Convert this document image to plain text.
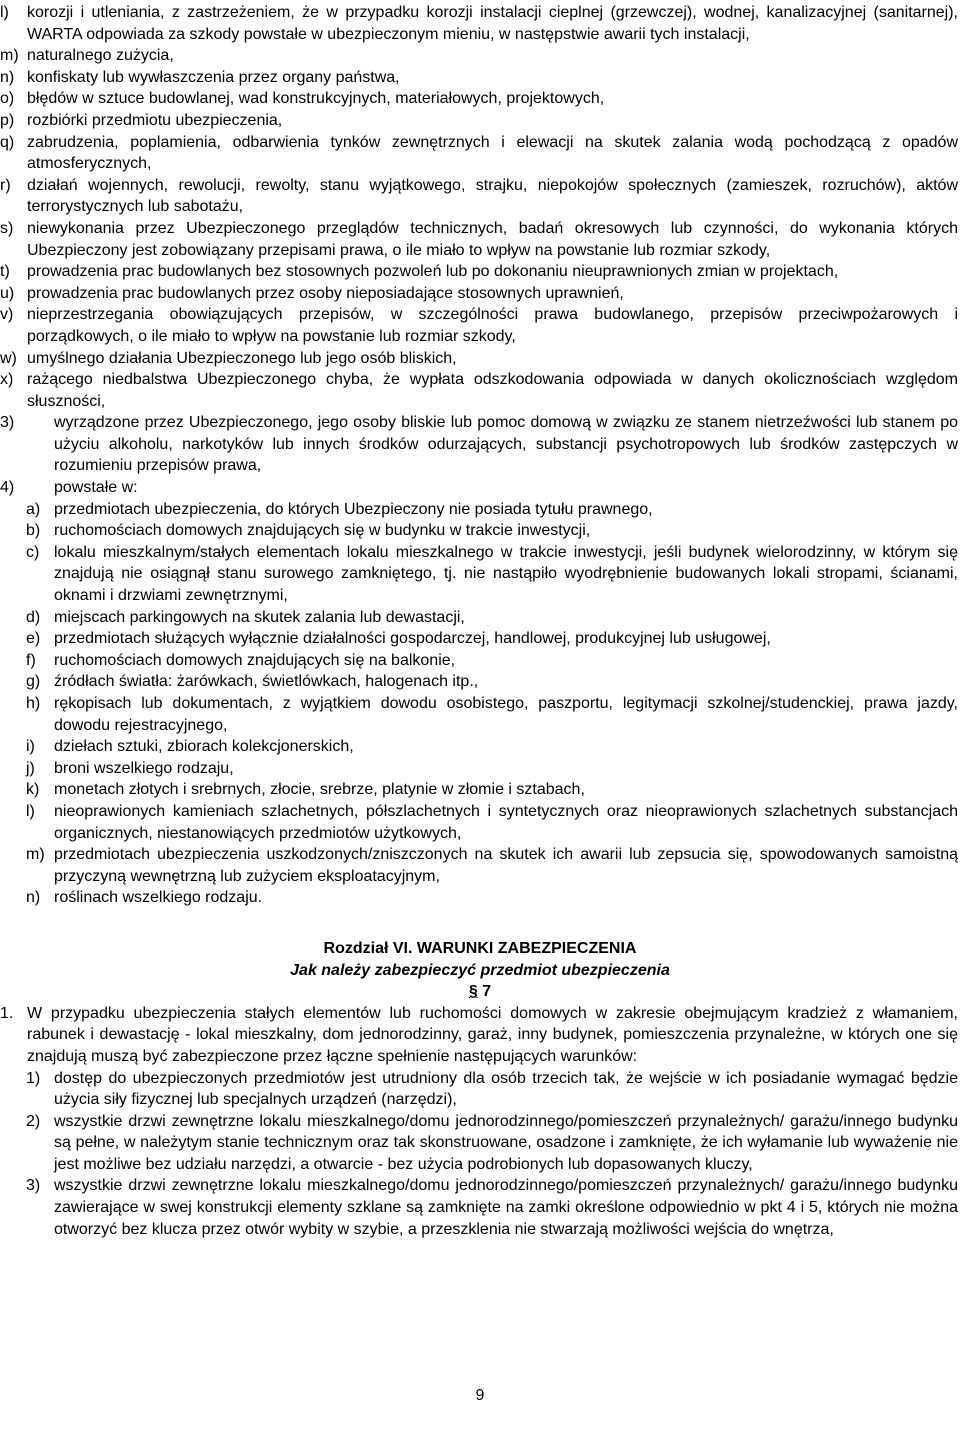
l) korozji i utleniania, z zastrzeżeniem, że w przypadku korozji instalacji cieplnej (grzewczej), wodnej, kanalizacyjnej (sanitarnej), WARTA odpowiada za szkody powstałe w ubezpieczonym mieniu, w następstwie awarii tych instalacji,
m) naturalnego zużycia,
n) konfiskaty lub wywłaszczenia przez organy państwa,
o) błędów w sztuce budowlanej, wad konstrukcyjnych, materiałowych, projektowych,
p) rozbiórki przedmiotu ubezpieczenia,
q) zabrudzenia, poplamienia, odbarwienia tynków zewnętrznych i elewacji na skutek zalania wodą pochodzącą z opadów atmosferycznych,
r) działań wojennych, rewolucji, rewolty, stanu wyjątkowego, strajku, niepokojów społecznych (zamieszek, rozruchów), aktów terrorystycznych lub sabotażu,
s) niewykonania przez Ubezpieczonego przeglądów technicznych, badań okresowych lub czynności, do wykonania których Ubezpieczony jest zobowiązany przepisami prawa, o ile miało to wpływ na powstanie lub rozmiar szkody,
t) prowadzenia prac budowlanych bez stosownych pozwoleń lub po dokonaniu nieuprawnionych zmian w projektach,
u) prowadzenia prac budowlanych przez osoby nieposiadające stosownych uprawnień,
v) nieprzestrzegania obowiązujących przepisów, w szczególności prawa budowlanego, przepisów przeciwpożarowych i porządkowych, o ile miało to wpływ na powstanie lub rozmiar szkody,
w) umyślnego działania Ubezpieczonego lub jego osób bliskich,
x) rażącego niedbalstwa Ubezpieczonego chyba, że wypłata odszkodowania odpowiada w danych okolicznościach względom słuszności,
3) wyrządzone przez Ubezpieczonego, jego osoby bliskie lub pomoc domową w związku ze stanem nietrzeźwości lub stanem po użyciu alkoholu, narkotyków lub innych środków odurzających, substancji psychotropowych lub środków zastępczych w rozumieniu przepisów prawa,
4) powstałe w:
a) przedmiotach ubezpieczenia, do których Ubezpieczony nie posiada tytułu prawnego,
b) ruchomościach domowych znajdujących się w budynku w trakcie inwestycji,
c) lokalu mieszkalnym/stałych elementach lokalu mieszkalnego w trakcie inwestycji, jeśli budynek wielorodzinny, w którym się znajdują nie osiągnął stanu surowego zamkniętego, tj. nie nastąpiło wyodrębnienie budowanych lokali stropami, ścianami, oknami i drzwiami zewnętrznymi,
d) miejscach parkingowych na skutek zalania lub dewastacji,
e) przedmiotach służących wyłącznie działalności gospodarczej, handlowej, produkcyjnej lub usługowej,
f) ruchomościach domowych znajdujących się na balkonie,
g) źródłach światła: żarówkach, świetlówkach, halogenach itp.,
h) rękopisach lub dokumentach, z wyjątkiem dowodu osobistego, paszportu, legitymacji szkolnej/studenckiej, prawa jazdy, dowodu rejestracyjnego,
i) dziełach sztuki, zbiorach kolekcjonerskich,
j) broni wszelkiego rodzaju,
k) monetach złotych i srebrnych, złocie, srebrze, platynie w złomie i sztabach,
l) nieoprawionych kamieniach szlachetnych, półszlachetnych i syntetycznych oraz nieoprawionych szlachetnych substancjach organicznych, niestanowiących przedmiotów użytkowych,
m) przedmiotach ubezpieczenia uszkodzonych/zniszczonych na skutek ich awarii lub zepsucia się, spowodowanych samoistną przyczyną wewnętrzną lub zużyciem eksploatacyjnym,
n) roślinach wszelkiego rodzaju.
Rozdział VI. WARUNKI ZABEZPIECZENIA
Jak należy zabezpieczyć przedmiot ubezpieczenia
§ 7
1. W przypadku ubezpieczenia stałych elementów lub ruchomości domowych w zakresie obejmującym kradzież z włamaniem, rabunek i dewastację - lokal mieszkalny, dom jednorodzinny, garaż, inny budynek, pomieszczenia przynależne, w których one się znajdują muszą być zabezpieczone przez łączne spełnienie następujących warunków:
1) dostęp do ubezpieczonych przedmiotów jest utrudniony dla osób trzecich tak, że wejście w ich posiadanie wymagać będzie użycia siły fizycznej lub specjalnych urządzeń (narzędzi),
2) wszystkie drzwi zewnętrzne lokalu mieszkalnego/domu jednorodzinnego/pomieszczeń przynależnych/ garażu/innego budynku są pełne, w należytym stanie technicznym oraz tak skonstruowane, osadzone i zamknięte, że ich wyłamanie lub wyważenie nie jest możliwe bez udziału narzędzi, a otwarcie - bez użycia podrobionych lub dopasowanych kluczy,
3) wszystkie drzwi zewnętrzne lokalu mieszkalnego/domu jednorodzinnego/pomieszczeń przynależnych/ garażu/innego budynku zawierające w swej konstrukcji elementy szklane są zamknięte na zamki określone odpowiednio w pkt 4 i 5, których nie można otworzyć bez klucza przez otwór wybity w szybie, a przeszklenia nie stwarzają możliwości wejścia do wnętrza,
9
